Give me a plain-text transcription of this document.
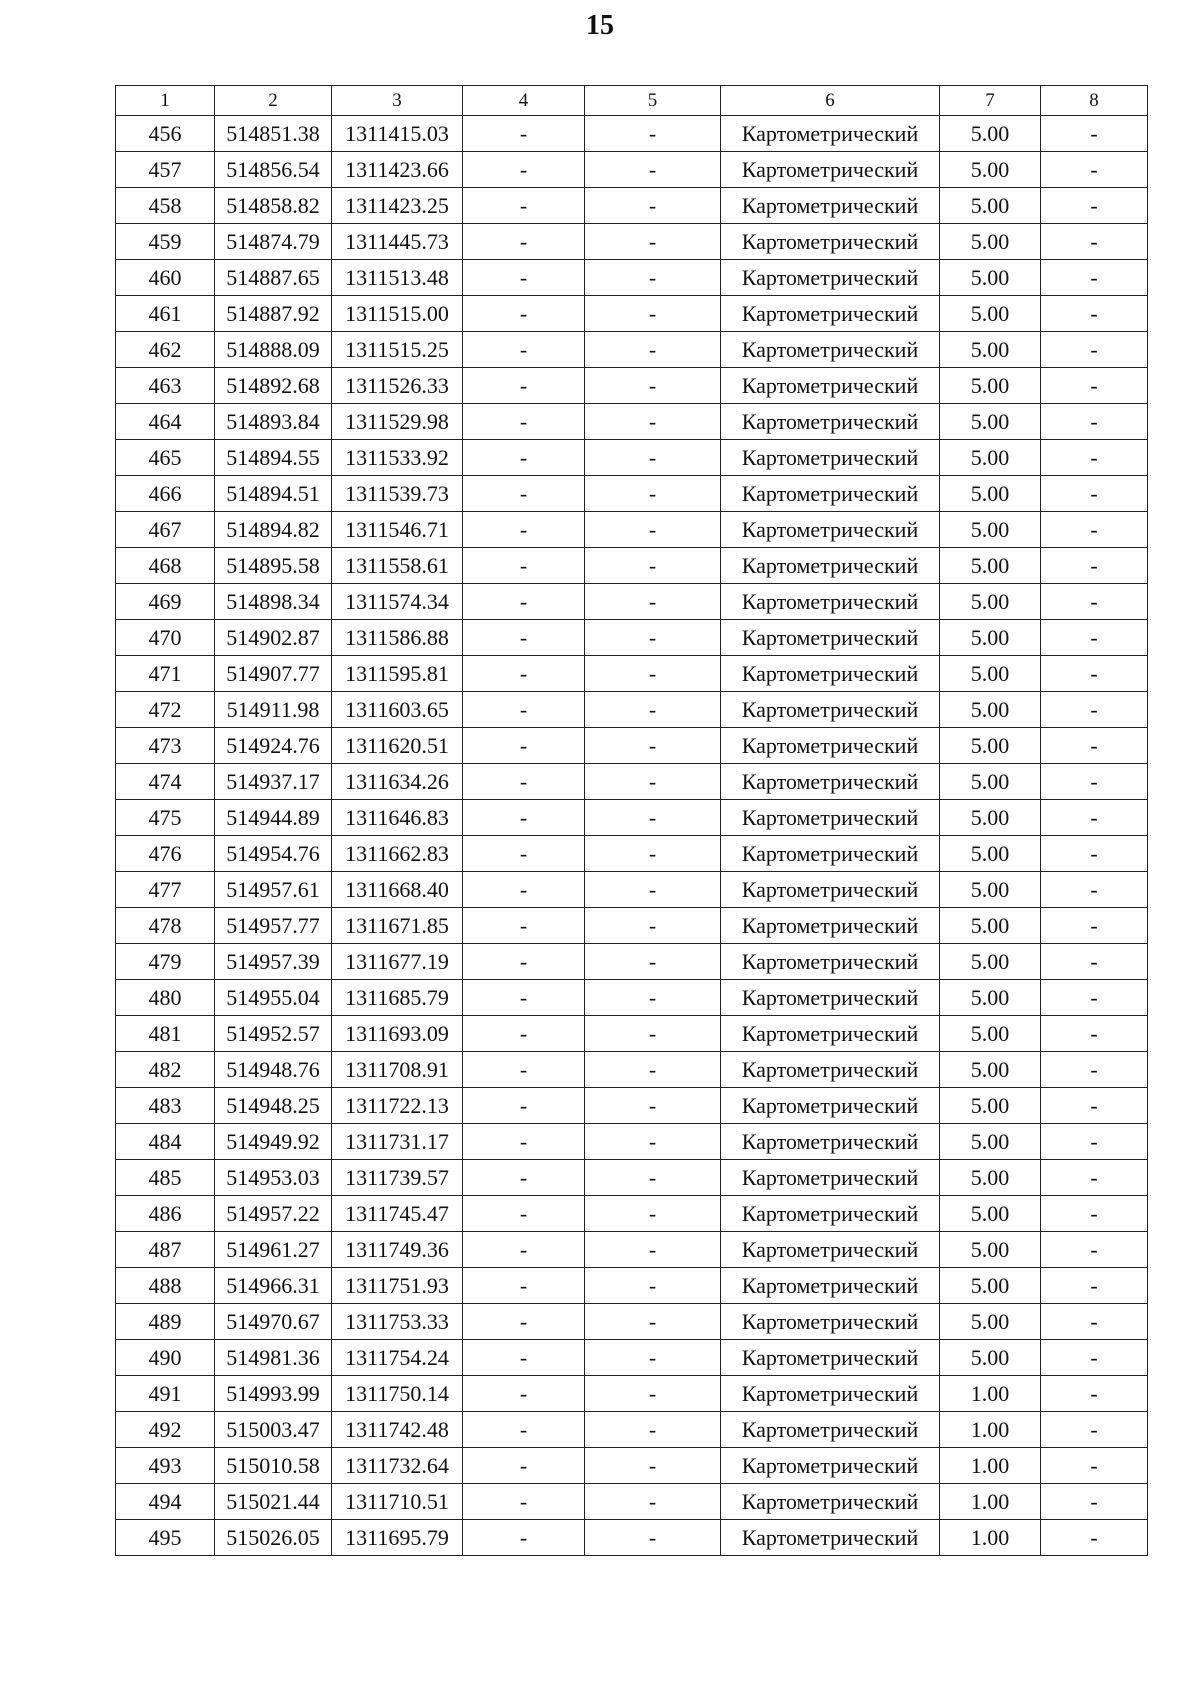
15
1	2	3	4	5	6	7	8
456	514851.38	1311415.03	-	-	Картометрический	5.00	-
457	514856.54	1311423.66	-	-	Картометрический	5.00	-
458	514858.82	1311423.25	-	-	Картометрический	5.00	-
459	514874.79	1311445.73	-	-	Картометрический	5.00	-
460	514887.65	1311513.48	-	-	Картометрический	5.00	-
461	514887.92	1311515.00	-	-	Картометрический	5.00	-
462	514888.09	1311515.25	-	-	Картометрический	5.00	-
463	514892.68	1311526.33	-	-	Картометрический	5.00	-
464	514893.84	1311529.98	-	-	Картометрический	5.00	-
465	514894.55	1311533.92	-	-	Картометрический	5.00	-
466	514894.51	1311539.73	-	-	Картометрический	5.00	-
467	514894.82	1311546.71	-	-	Картометрический	5.00	-
468	514895.58	1311558.61	-	-	Картометрический	5.00	-
469	514898.34	1311574.34	-	-	Картометрический	5.00	-
470	514902.87	1311586.88	-	-	Картометрический	5.00	-
471	514907.77	1311595.81	-	-	Картометрический	5.00	-
472	514911.98	1311603.65	-	-	Картометрический	5.00	-
473	514924.76	1311620.51	-	-	Картометрический	5.00	-
474	514937.17	1311634.26	-	-	Картометрический	5.00	-
475	514944.89	1311646.83	-	-	Картометрический	5.00	-
476	514954.76	1311662.83	-	-	Картометрический	5.00	-
477	514957.61	1311668.40	-	-	Картометрический	5.00	-
478	514957.77	1311671.85	-	-	Картометрический	5.00	-
479	514957.39	1311677.19	-	-	Картометрический	5.00	-
480	514955.04	1311685.79	-	-	Картометрический	5.00	-
481	514952.57	1311693.09	-	-	Картометрический	5.00	-
482	514948.76	1311708.91	-	-	Картометрический	5.00	-
483	514948.25	1311722.13	-	-	Картометрический	5.00	-
484	514949.92	1311731.17	-	-	Картометрический	5.00	-
485	514953.03	1311739.57	-	-	Картометрический	5.00	-
486	514957.22	1311745.47	-	-	Картометрический	5.00	-
487	514961.27	1311749.36	-	-	Картометрический	5.00	-
488	514966.31	1311751.93	-	-	Картометрический	5.00	-
489	514970.67	1311753.33	-	-	Картометрический	5.00	-
490	514981.36	1311754.24	-	-	Картометрический	5.00	-
491	514993.99	1311750.14	-	-	Картометрический	1.00	-
492	515003.47	1311742.48	-	-	Картометрический	1.00	-
493	515010.58	1311732.64	-	-	Картометрический	1.00	-
494	515021.44	1311710.51	-	-	Картометрический	1.00	-
495	515026.05	1311695.79	-	-	Картометрический	1.00	-
